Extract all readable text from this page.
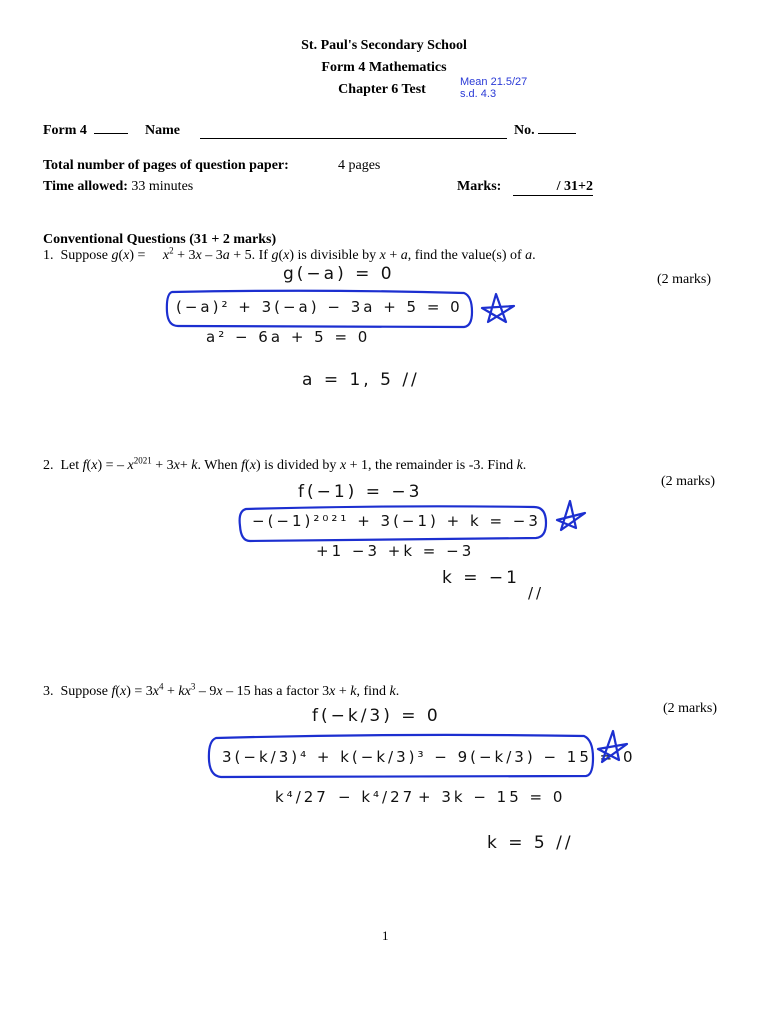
St. Paul's Secondary School
Form 4 Mathematics
Chapter 6 Test	Mean 21.5/27
s.d. 4.3
Form 4	Name	No.
Total number of pages of question paper:	4 pages
Time allowed: 33 minutes	Marks:	/ 31+2
Conventional Questions (31 + 2 marks)
1. Suppose g(x) =     $x^2 + 3x - 3a + 5$. If g(x) is divisible by x + a, find the value(s) of a.
(2 marks)
g(−a) = 0
(−a)² + 3(−a) − 3a + 5 = 0
a² − 6a + 5 = 0
a = 1, 5 //
2. Let f(x) = – $x^{2021} + 3x+ k$. When f(x) is divided by x + 1, the remainder is -3. Find k.
(2 marks)
f(−1) = −3
−(−1)²⁰²¹ + 3(−1) + k = −3
+1 −3 +k = −3
k = −1
//
3. Suppose $f(x) = 3x^4 + kx^3 - 9x - 15$ has a factor 3x + k, find k.
(2 marks)
f(−k/3) = 0
3(−k/3)⁴ + k(−k/3)³ − 9(−k/3) − 15 = 0
k⁴/27 − k⁴/27 + 3k − 15 = 0
k = 5 //
1
